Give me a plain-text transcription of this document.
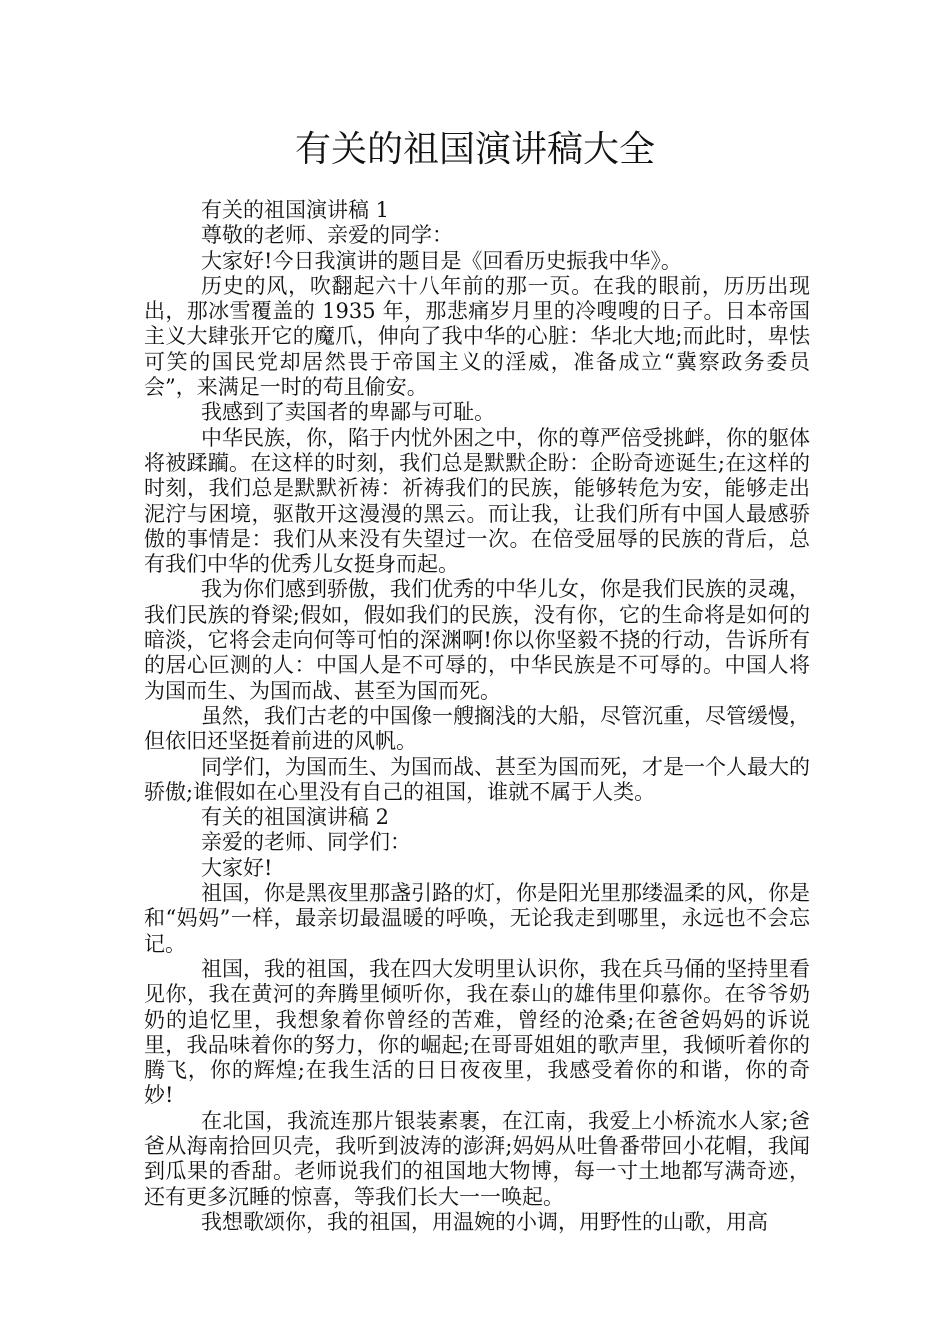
有关的祖国演讲稿大全

有关的祖国演讲稿 1

尊敬的老师、亲爱的同学：

大家好!今日我演讲的题目是《回看历史振我中华》。

历史的风，吹翻起六十八年前的那一页。在我的眼前，历历出现出，那冰雪覆盖的 1935 年，那悲痛岁月里的冷嗖嗖的日子。日本帝国主义大肆张开它的魔爪，伸向了我中华的心脏：华北大地;而此时，卑怯可笑的国民党却居然畏于帝国主义的淫威，准备成立“冀察政务委员会”，来满足一时的苟且偷安。

我感到了卖国者的卑鄙与可耻。

中华民族，你，陷于内忧外困之中，你的尊严倍受挑衅，你的躯体将被蹂躏。在这样的时刻，我们总是默默企盼：企盼奇迹诞生;在这样的时刻，我们总是默默祈祷：祈祷我们的民族，能够转危为安，能够走出泥泞与困境，驱散开这漫漫的黑云。而让我，让我们所有中国人最感骄傲的事情是：我们从来没有失望过一次。在倍受屈辱的民族的背后，总有我们中华的优秀儿女挺身而起。

我为你们感到骄傲，我们优秀的中华儿女，你是我们民族的灵魂，我们民族的脊梁;假如，假如我们的民族，没有你，它的生命将是如何的暗淡，它将会走向何等可怕的深渊啊!你以你坚毅不挠的行动，告诉所有的居心叵测的人：中国人是不可辱的，中华民族是不可辱的。中国人将为国而生、为国而战、甚至为国而死。

虽然，我们古老的中国像一艘搁浅的大船，尽管沉重，尽管缓慢，但依旧还坚挺着前进的风帆。

同学们，为国而生、为国而战、甚至为国而死，才是一个人最大的骄傲;谁假如在心里没有自己的祖国，谁就不属于人类。

有关的祖国演讲稿 2

亲爱的老师、同学们：

大家好!

祖国，你是黑夜里那盏引路的灯，你是阳光里那缕温柔的风，你是和“妈妈”一样，最亲切最温暖的呼唤，无论我走到哪里，永远也不会忘记。

祖国，我的祖国，我在四大发明里认识你，我在兵马俑的坚持里看见你，我在黄河的奔腾里倾听你，我在泰山的雄伟里仰慕你。在爷爷奶奶的追忆里，我想象着你曾经的苦难，曾经的沧桑;在爸爸妈妈的诉说里，我品味着你的努力，你的崛起;在哥哥姐姐的歌声里，我倾听着你的腾飞，你的辉煌;在我生活的日日夜夜里，我感受着你的和谐，你的奇妙!

在北国，我流连那片银装素裹，在江南，我爱上小桥流水人家;爸爸从海南拾回贝壳，我听到波涛的澎湃;妈妈从吐鲁番带回小花帽，我闻到瓜果的香甜。老师说我们的祖国地大物博，每一寸土地都写满奇迹，还有更多沉睡的惊喜，等我们长大一一唤起。

我想歌颂你，我的祖国，用温婉的小调，用野性的山歌，用高
